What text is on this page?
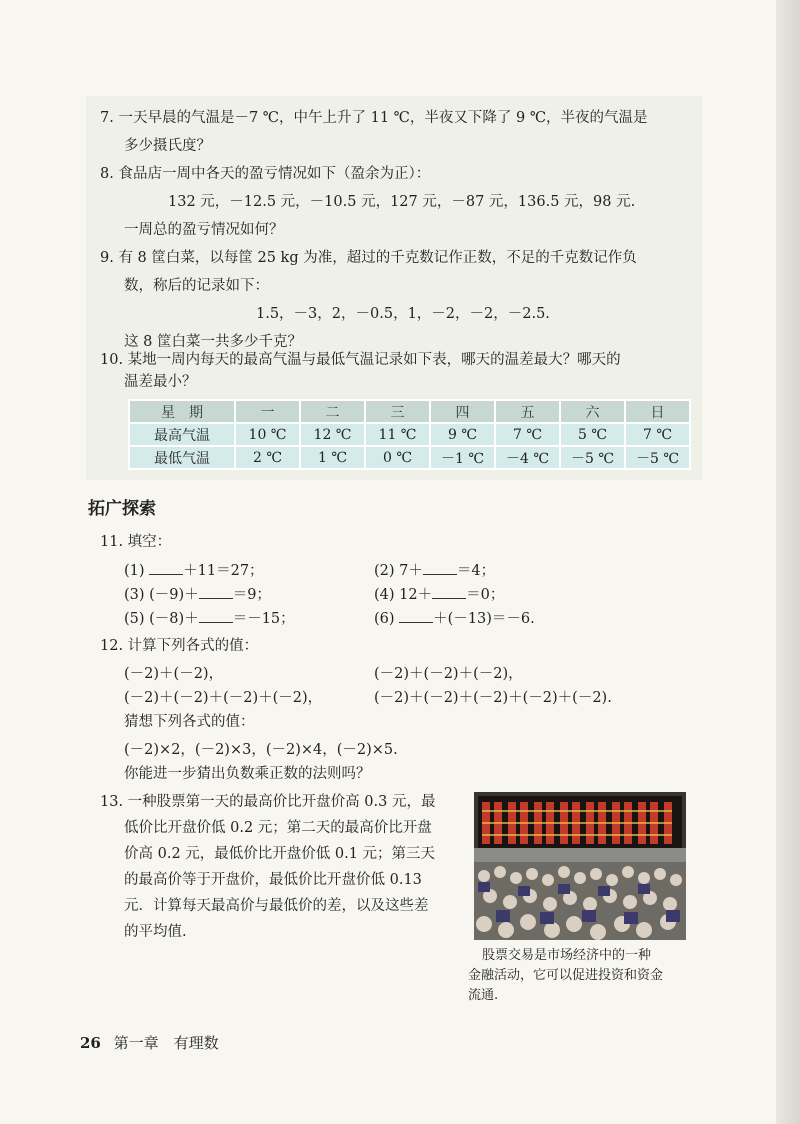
7. 一天早晨的气温是－7 ℃，中午上升了 11 ℃，半夜又下降了 9 ℃，半夜的气温是
多少摄氏度？
8. 食品店一周中各天的盈亏情况如下（盈余为正）：
132 元，－12.5 元，－10.5 元，127 元，－87 元，136.5 元，98 元.
一周总的盈亏情况如何？
9. 有 8 筐白菜，以每筐 25 kg 为准，超过的千克数记作正数，不足的千克数记作负
数，称后的记录如下：
1.5，－3，2，－0.5，1，－2，－2，－2.5.
这 8 筐白菜一共多少千克？
10. 某地一周内每天的最高气温与最低气温记录如下表，哪天的温差最大？哪天的
温差最小？
星　期	一	二	三	四	五	六	日
最高气温	10 ℃	12 ℃	11 ℃	9 ℃	7 ℃	5 ℃	7 ℃
最低气温	2 ℃	1 ℃	0 ℃	－1 ℃	－4 ℃	－5 ℃	－5 ℃
拓广探索
11. 填空：
(1)	＋11＝27；	(2) 7＋ ＝4；
(3) (－9)＋ ＝9；	(4) 12＋ ＝0；
(5) (－8)＋ ＝－15；	(6)	＋(－13)＝－6.
12. 计算下列各式的值：
(－2)＋(－2)，	(－2)＋(－2)＋(－2)，
(－2)＋(－2)＋(－2)＋(－2)，	(－2)＋(－2)＋(－2)＋(－2)＋(－2).
猜想下列各式的值：
(－2)×2，(－2)×3，(－2)×4，(－2)×5.
你能进一步猜出负数乘正数的法则吗？
13. 一种股票第一天的最高价比开盘价高 0.3 元，最
低价比开盘价低 0.2 元；第二天的最高价比开盘
价高 0.2 元，最低价比开盘价低 0.1 元；第三天
的最高价等于开盘价，最低价比开盘价低 0.13
元．计算每天最高价与最低价的差，以及这些差
的平均值.
股票交易是市场经济中的一种
金融活动，它可以促进投资和资金
流通.
26 第一章　有理数
